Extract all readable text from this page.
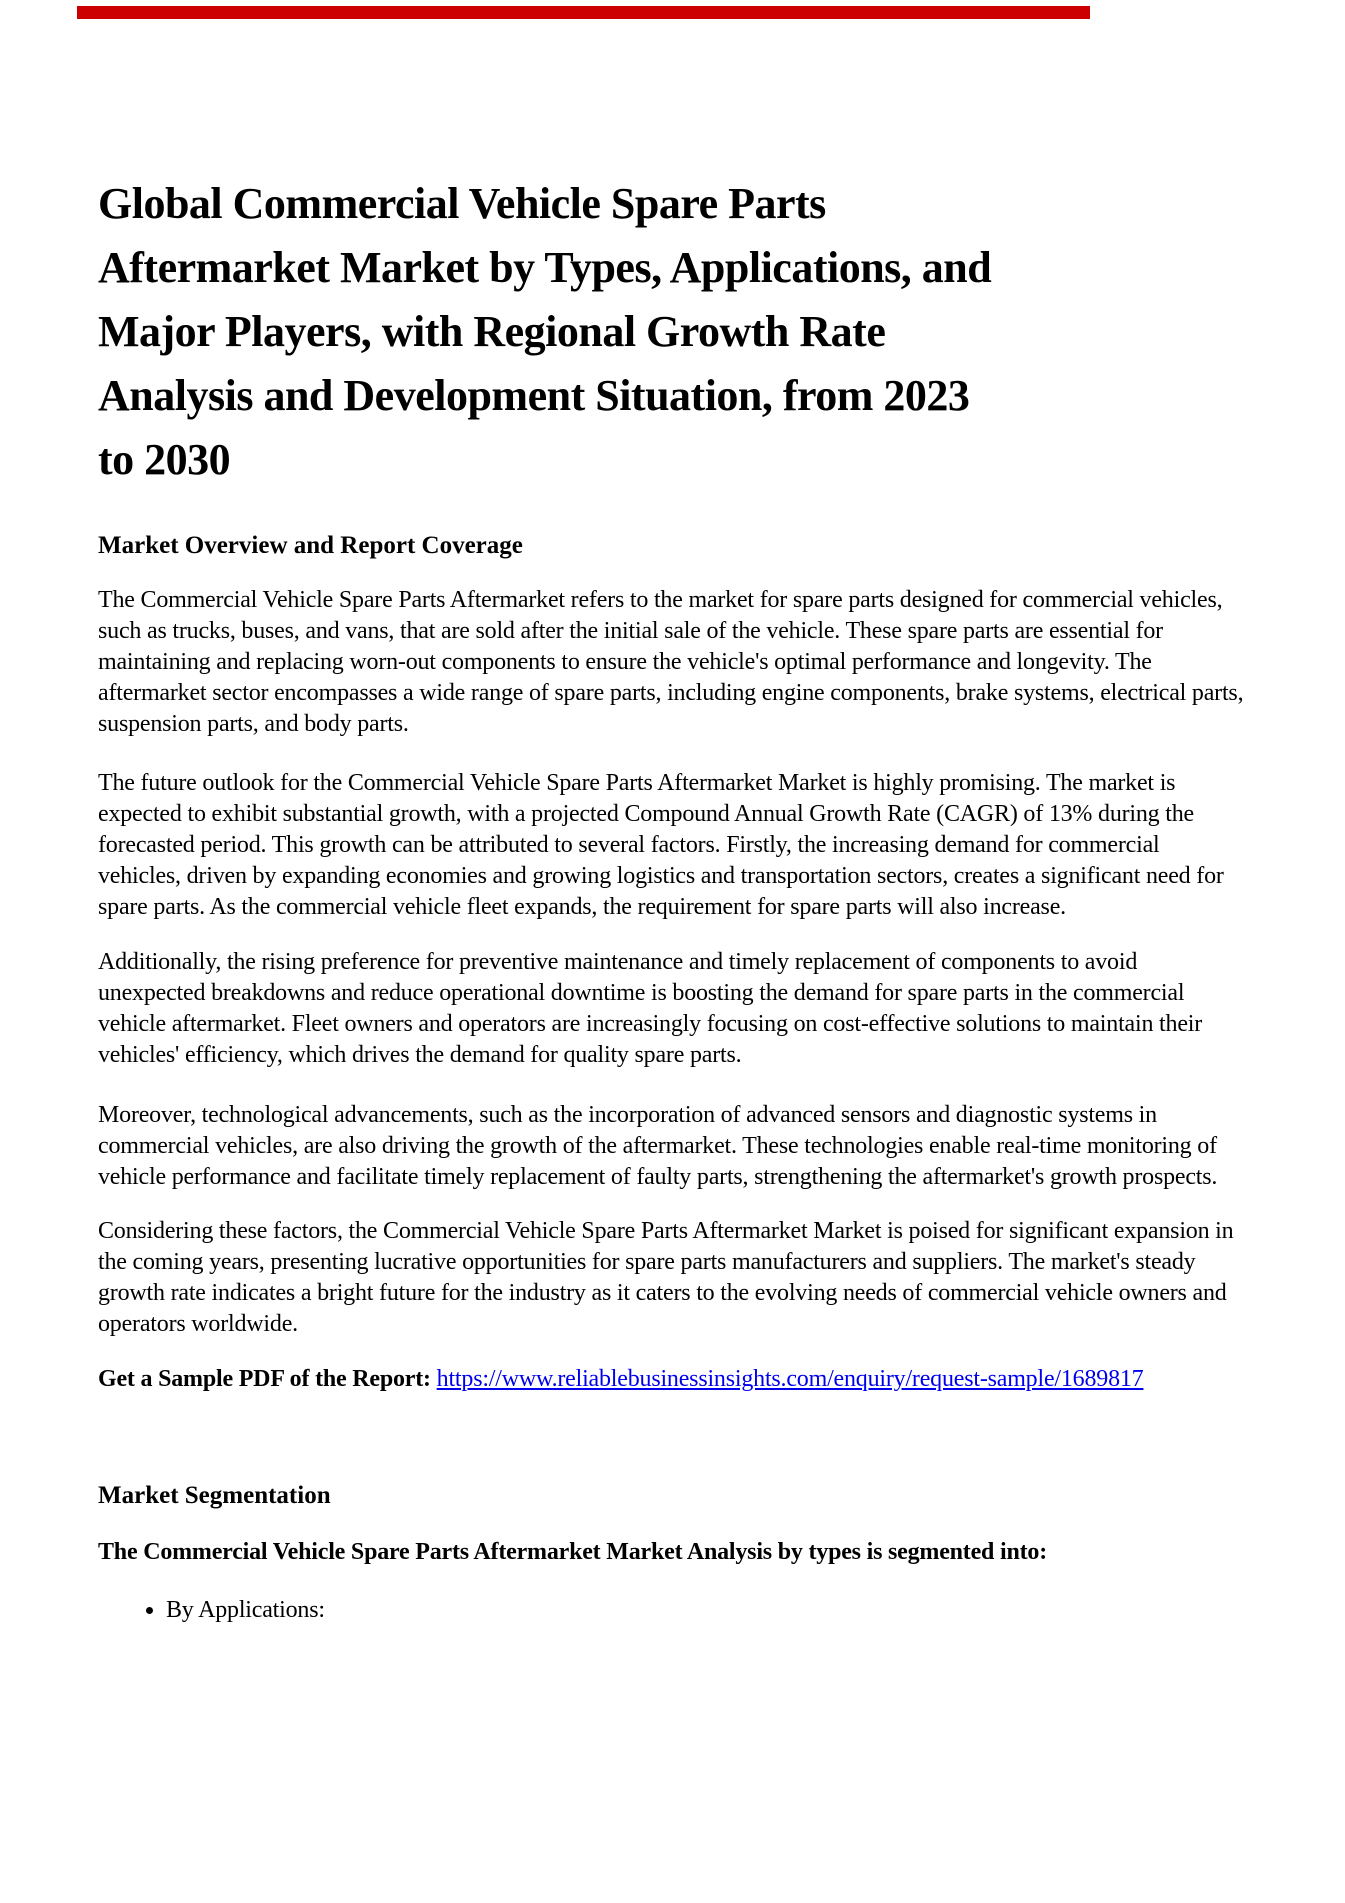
Global Commercial Vehicle Spare Parts
Aftermarket Market by Types, Applications, and
Major Players, with Regional Growth Rate
Analysis and Development Situation, from 2023
to 2030
Market Overview and Report Coverage

The Commercial Vehicle Spare Parts Aftermarket refers to the market for spare parts designed for commercial vehicles, such as trucks, buses, and vans, that are sold after the initial sale of the vehicle. These spare parts are essential for maintaining and replacing worn-out components to ensure the vehicle's optimal performance and longevity. The aftermarket sector encompasses a wide range of spare parts, including engine components, brake systems, electrical parts, suspension parts, and body parts.

The future outlook for the Commercial Vehicle Spare Parts Aftermarket Market is highly promising. The market is expected to exhibit substantial growth, with a projected Compound Annual Growth Rate (CAGR) of 13% during the forecasted period. This growth can be attributed to several factors. Firstly, the increasing demand for commercial vehicles, driven by expanding economies and growing logistics and transportation sectors, creates a significant need for spare parts. As the commercial vehicle fleet expands, the requirement for spare parts will also increase.

Additionally, the rising preference for preventive maintenance and timely replacement of components to avoid unexpected breakdowns and reduce operational downtime is boosting the demand for spare parts in the commercial vehicle aftermarket. Fleet owners and operators are increasingly focusing on cost-effective solutions to maintain their vehicles' efficiency, which drives the demand for quality spare parts.

Moreover, technological advancements, such as the incorporation of advanced sensors and diagnostic systems in commercial vehicles, are also driving the growth of the aftermarket. These technologies enable real-time monitoring of vehicle performance and facilitate timely replacement of faulty parts, strengthening the aftermarket's growth prospects.

Considering these factors, the Commercial Vehicle Spare Parts Aftermarket Market is poised for significant expansion in the coming years, presenting lucrative opportunities for spare parts manufacturers and suppliers. The market's steady growth rate indicates a bright future for the industry as it caters to the evolving needs of commercial vehicle owners and operators worldwide.

Get a Sample PDF of the Report: https://www.reliablebusinessinsights.com/enquiry/request-sample/1689817

Market Segmentation

The Commercial Vehicle Spare Parts Aftermarket Market Analysis by types is segmented into:

• By Applications:
